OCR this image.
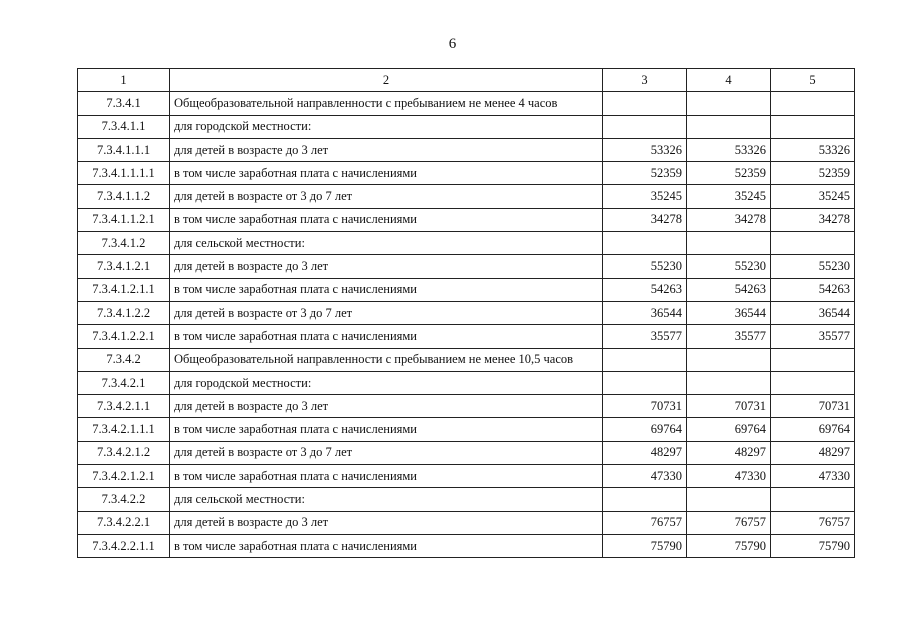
6
1	2	3	4	5
7.3.4.1	Общеобразовательной направленности с пребыванием не менее 4 часов			
7.3.4.1.1	для городской местности:			
7.3.4.1.1.1	для детей в возрасте до 3 лет	53326	53326	53326
7.3.4.1.1.1.1	в том числе заработная плата с начислениями	52359	52359	52359
7.3.4.1.1.2	для детей в возрасте от 3 до 7 лет	35245	35245	35245
7.3.4.1.1.2.1	в том числе заработная плата с начислениями	34278	34278	34278
7.3.4.1.2	для сельской местности:			
7.3.4.1.2.1	для детей в возрасте до 3 лет	55230	55230	55230
7.3.4.1.2.1.1	в том числе заработная плата с начислениями	54263	54263	54263
7.3.4.1.2.2	для детей в возрасте от 3 до 7 лет	36544	36544	36544
7.3.4.1.2.2.1	в том числе заработная плата с начислениями	35577	35577	35577
7.3.4.2	Общеобразовательной направленности с пребыванием не менее 10,5 часов			
7.3.4.2.1	для городской местности:			
7.3.4.2.1.1	для детей в возрасте до 3 лет	70731	70731	70731
7.3.4.2.1.1.1	в том числе заработная плата с начислениями	69764	69764	69764
7.3.4.2.1.2	для детей в возрасте от 3 до 7 лет	48297	48297	48297
7.3.4.2.1.2.1	в том числе заработная плата с начислениями	47330	47330	47330
7.3.4.2.2	для сельской местности:			
7.3.4.2.2.1	для детей в возрасте до 3 лет	76757	76757	76757
7.3.4.2.2.1.1	в том числе заработная плата с начислениями	75790	75790	75790
